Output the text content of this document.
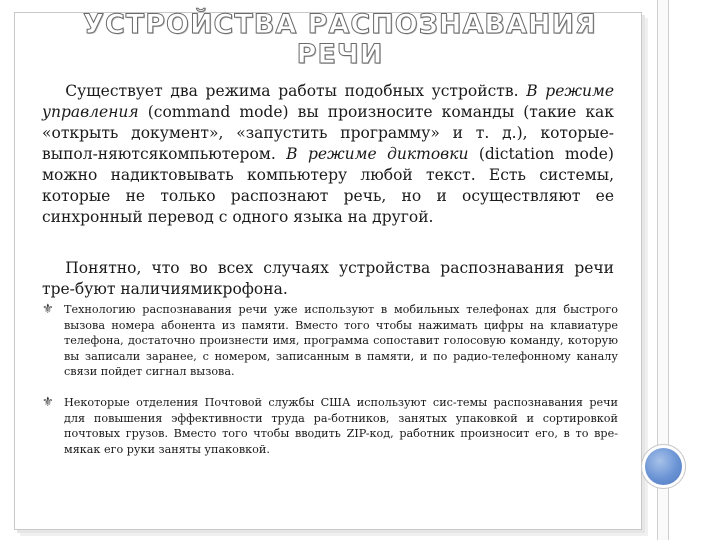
УСТРОЙСТВА РАСПОЗНАВАНИЯ РЕЧИ

  Существует два режима работы подобных устройств. В режиме управления (command mode) вы произносите команды (такие как «открыть документ», «запустить программу» и т. д.), которые-выпол-няютсякомпьютером. В режиме диктовки (dictation mode) можно надиктовывать компьютеру любой текст. Есть системы, которые не только распознают речь, но и осуществляют ее синхронный перевод с одного языка на другой.

  Понятно, что во всех случаях устройства распознавания речи тре-буют наличиямикрофона.

⚜ Технологию распознавания речи уже используют в мобильных телефонах для быстрого вызова номера абонента из памяти. Вместо того чтобы нажимать цифры на клавиатуре телефона, достаточно произнести имя, программа сопоставит голосовую команду, которую вы записали заранее, с номером, записанным в памяти, и по радио-телефонному каналу связи пойдет сигнал вызова.
⚜ Некоторые отделения Почтовой службы США используют сис-темы распознавания речи для повышения эффективности труда ра-ботников, занятых упаковкой и сортировкой почтовых грузов. Вместо того чтобы вводить ZIP-код, работник произносит его, в то вре-мякак его руки заняты упаковкой.
